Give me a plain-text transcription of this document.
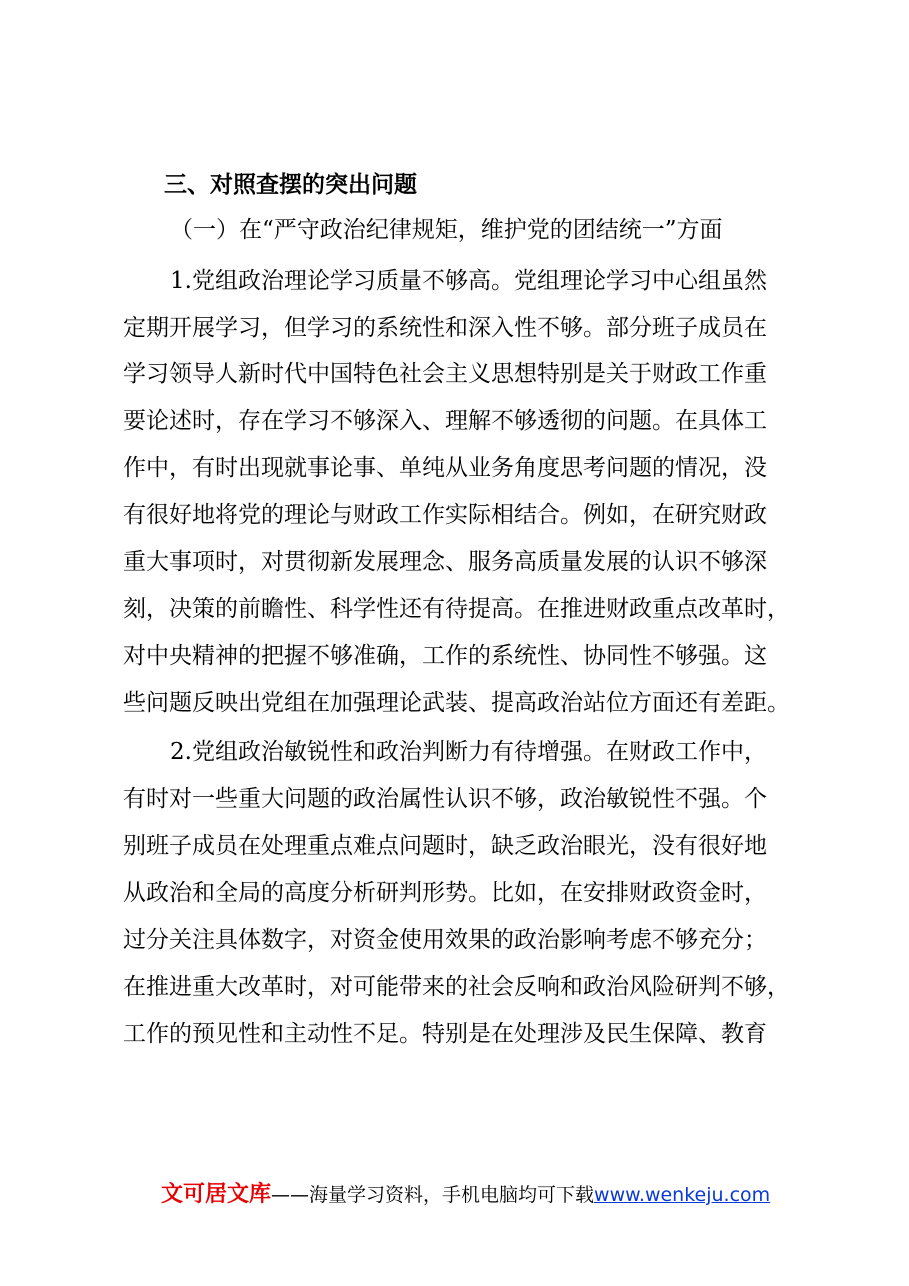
三、对照查摆的突出问题

（一）在“严守政治纪律规矩，维护党的团结统一”方面

1.党组政治理论学习质量不够高。党组理论学习中心组虽然

定期开展学习，但学习的系统性和深入性不够。部分班子成员在

学习领导人新时代中国特色社会主义思想特别是关于财政工作重

要论述时，存在学习不够深入、理解不够透彻的问题。在具体工

作中，有时出现就事论事、单纯从业务角度思考问题的情况，没

有很好地将党的理论与财政工作实际相结合。例如，在研究财政

重大事项时，对贯彻新发展理念、服务高质量发展的认识不够深

刻，决策的前瞻性、科学性还有待提高。在推进财政重点改革时，

对中央精神的把握不够准确，工作的系统性、协同性不够强。这

些问题反映出党组在加强理论武装、提高政治站位方面还有差距。

2.党组政治敏锐性和政治判断力有待增强。在财政工作中，

有时对一些重大问题的政治属性认识不够，政治敏锐性不强。个

别班子成员在处理重点难点问题时，缺乏政治眼光，没有很好地

从政治和全局的高度分析研判形势。比如，在安排财政资金时，

过分关注具体数字，对资金使用效果的政治影响考虑不够充分；

在推进重大改革时，对可能带来的社会反响和政治风险研判不够，

工作的预见性和主动性不足。特别是在处理涉及民生保障、教育

文可居文库——海量学习资料，手机电脑均可下载www.wenkeju.com
